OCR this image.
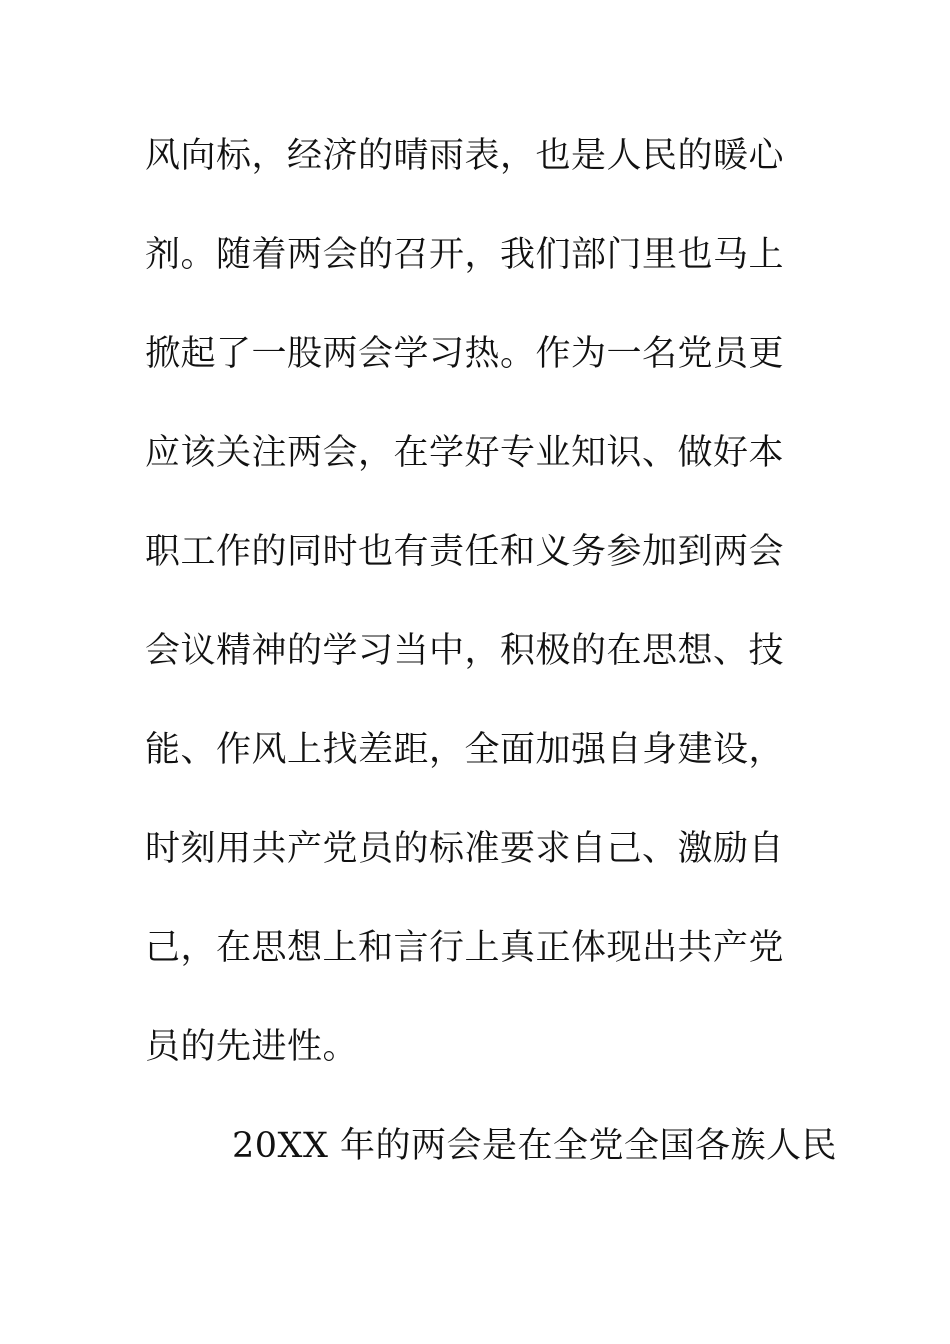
风向标，经济的晴雨表，也是人民的暖心
剂。随着两会的召开，我们部门里也马上
掀起了一股两会学习热。作为一名党员更
应该关注两会，在学好专业知识、做好本
职工作的同时也有责任和义务参加到两会
会议精神的学习当中，积极的在思想、技
能、作风上找差距，全面加强自身建设，
时刻用共产党员的标准要求自己、激励自
己，在思想上和言行上真正体现出共产党
员的先进性。
20XX 年的两会是在全党全国各族人民
